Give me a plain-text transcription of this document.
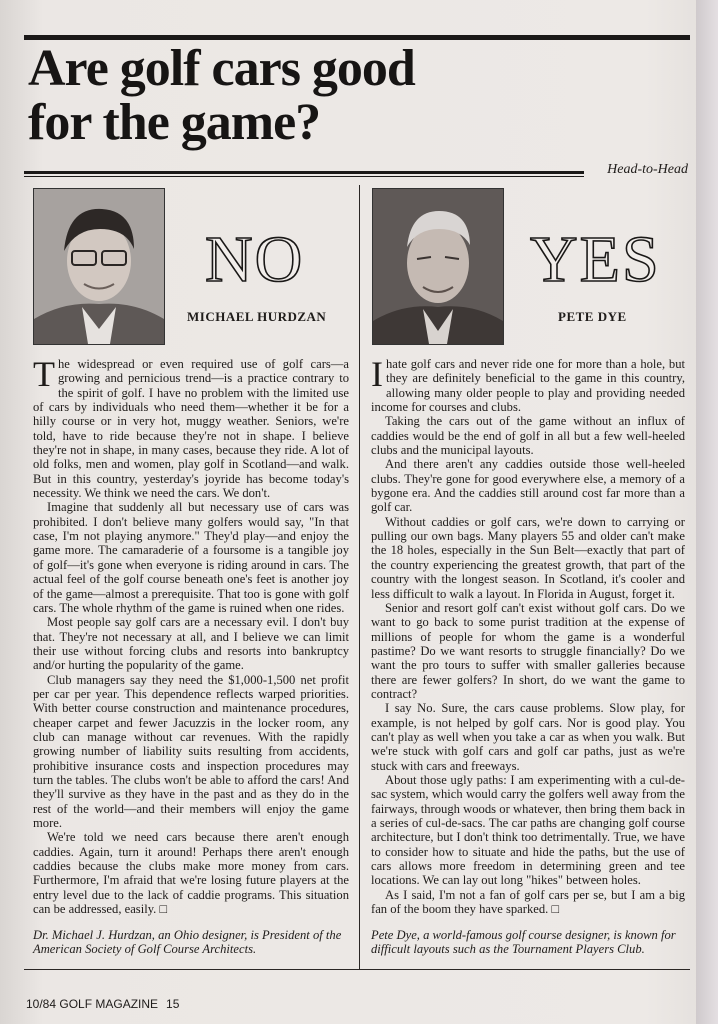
Are golf cars good
for the game?
Head-to-Head
NO
MICHAEL HURDZAN

The widespread or even required use of golf cars—a growing and pernicious trend—is a practice contrary to the spirit of golf. I have no problem with the limited use of cars by individuals who need them—whether it be for a hilly course or in very hot, muggy weather. Seniors, we're told, have to ride because they're not in shape. I believe they're not in shape, in many cases, because they ride. A lot of old folks, men and women, play golf in Scotland—and walk. But in this country, yesterday's joyride has become today's necessity. We think we need the cars. We don't.

Imagine that suddenly all but necessary use of cars was prohibited. I don't believe many golfers would say, "In that case, I'm not playing anymore." They'd play—and enjoy the game more. The camaraderie of a foursome is a tangible joy of golf—it's gone when everyone is riding around in cars. The actual feel of the golf course beneath one's feet is another joy of the game—almost a prerequisite. That too is gone with golf cars. The whole rhythm of the game is ruined when one rides.

Most people say golf cars are a necessary evil. I don't buy that. They're not necessary at all, and I believe we can limit their use without forcing clubs and resorts into bankruptcy and/or hurting the popularity of the game.

Club managers say they need the $1,000-1,500 net profit per car per year. This dependence reflects warped priorities. With better course construction and maintenance procedures, cheaper carpet and fewer Jacuzzis in the locker room, any club can manage without car revenues. With the rapidly growing number of liability suits resulting from accidents, prohibitive insurance costs and inspection procedures may turn the tables. The clubs won't be able to afford the cars! And they'll survive as they have in the past and as they do in the rest of the world—and their members will enjoy the game more.

We're told we need cars because there aren't enough caddies. Again, turn it around! Perhaps there aren't enough caddies because the clubs make more money from cars. Furthermore, I'm afraid that we're losing future players at the entry level due to the lack of caddie programs. This situation can be addressed, easily. □

Dr. Michael J. Hurdzan, an Ohio designer, is President of the American Society of Golf Course Architects.
YES
PETE DYE

I hate golf cars and never ride one for more than a hole, but they are definitely beneficial to the game in this country, allowing many older people to play and providing needed income for courses and clubs.

Taking the cars out of the game without an influx of caddies would be the end of golf in all but a few well-heeled clubs and the municipal layouts.

And there aren't any caddies outside those well-heeled clubs. They're gone for good everywhere else, a memory of a bygone era. And the caddies still around cost far more than a golf car.

Without caddies or golf cars, we're down to carrying or pulling our own bags. Many players 55 and older can't make the 18 holes, especially in the Sun Belt—exactly that part of the country experiencing the greatest growth, that part of the country with the longest season. In Scotland, it's cooler and less difficult to walk a layout. In Florida in August, forget it.

Senior and resort golf can't exist without golf cars. Do we want to go back to some purist tradition at the expense of millions of people for whom the game is a wonderful pastime? Do we want resorts to struggle financially? Do we want the pro tours to suffer with smaller galleries because there are fewer golfers? In short, do we want the game to contract?

I say No. Sure, the cars cause problems. Slow play, for example, is not helped by golf cars. Nor is good play. You can't play as well when you take a car as when you walk. But we're stuck with golf cars and golf car paths, just as we're stuck with cars and freeways.

About those ugly paths: I am experimenting with a cul-de-sac system, which would carry the golfers well away from the fairways, through woods or whatever, then bring them back in a series of cul-de-sacs. The car paths are changing golf course architecture, but I don't think too detrimentally. True, we have to consider how to situate and hide the paths, but the use of cars allows more freedom in determining green and tee locations. We can lay out long "hikes" between holes.

As I said, I'm not a fan of golf cars per se, but I am a big fan of the boom they have sparked. □

Pete Dye, a world-famous golf course designer, is known for difficult layouts such as the Tournament Players Club.
10/84 GOLF MAGAZINE 15
